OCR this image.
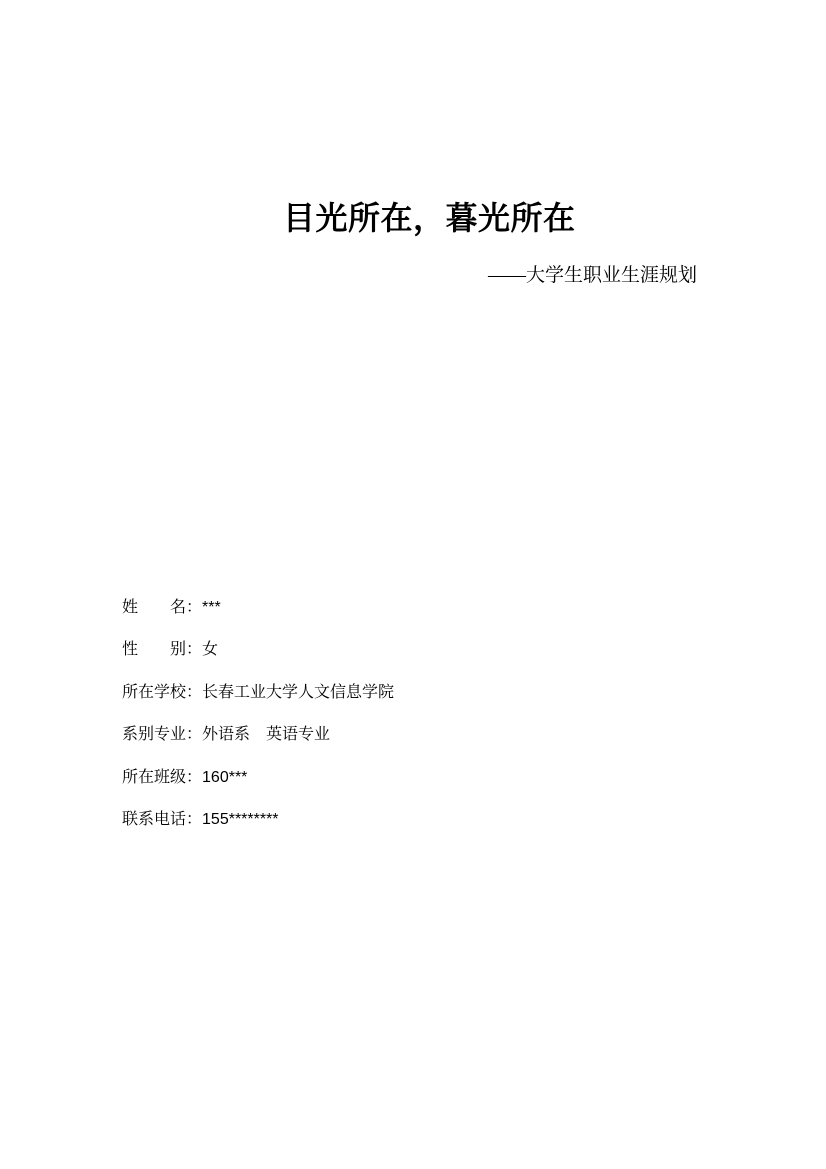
目光所在，暮光所在
——大学生职业生涯规划

姓　　名：***

性　　别：女

所在学校：长春工业大学人文信息学院

系别专业：外语系　英语专业

所在班级：160***

联系电话：155********
